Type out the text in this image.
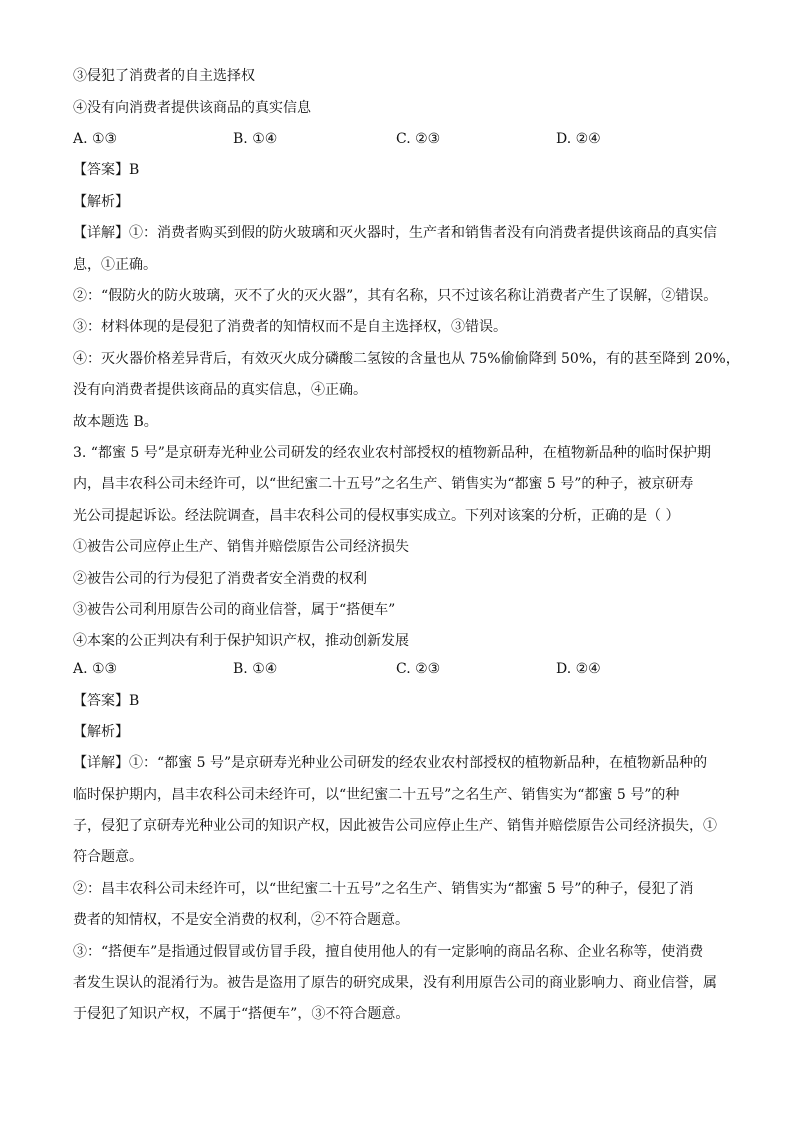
③侵犯了消费者的自主选择权
④没有向消费者提供该商品的真实信息
A. ①③	B. ①④	C. ②③	D. ②④
【答案】B
【解析】
【详解】①：消费者购买到假的防火玻璃和灭火器时，生产者和销售者没有向消费者提供该商品的真实信
息，①正确。
②：“假防火的防火玻璃，灭不了火的灭火器”，其有名称，只不过该名称让消费者产生了误解，②错误。
③：材料体现的是侵犯了消费者的知情权而不是自主选择权，③错误。
④：灭火器价格差异背后，有效灭火成分磷酸二氢铵的含量也从 75%偷偷降到 50%，有的甚至降到 20%，
没有向消费者提供该商品的真实信息，④正确。
故本题选 B。
3. “都蜜 5 号”是京研寿光种业公司研发的经农业农村部授权的植物新品种，在植物新品种的临时保护期
内，昌丰农科公司未经许可，以“世纪蜜二十五号”之名生产、销售实为“都蜜 5 号”的种子，被京研寿
光公司提起诉讼。经法院调查，昌丰农科公司的侵权事实成立。下列对该案的分析，正确的是（ ）
①被告公司应停止生产、销售并赔偿原告公司经济损失
②被告公司的行为侵犯了消费者安全消费的权利
③被告公司利用原告公司的商业信誉，属于“搭便车”
④本案的公正判决有利于保护知识产权，推动创新发展
A. ①③	B. ①④	C. ②③	D. ②④
【答案】B
【解析】
【详解】①：“都蜜 5 号”是京研寿光种业公司研发的经农业农村部授权的植物新品种，在植物新品种的
临时保护期内，昌丰农科公司未经许可，以“世纪蜜二十五号”之名生产、销售实为“都蜜 5 号”的种
子，侵犯了京研寿光种业公司的知识产权，因此被告公司应停止生产、销售并赔偿原告公司经济损失，①
符合题意。
②：昌丰农科公司未经许可，以“世纪蜜二十五号”之名生产、销售实为“都蜜 5 号”的种子，侵犯了消
费者的知情权，不是安全消费的权利，②不符合题意。
③：“搭便车”是指通过假冒或仿冒手段，擅自使用他人的有一定影响的商品名称、企业名称等，使消费
者发生误认的混淆行为。被告是盗用了原告的研究成果，没有利用原告公司的商业影响力、商业信誉，属
于侵犯了知识产权，不属于“搭便车”，③不符合题意。
